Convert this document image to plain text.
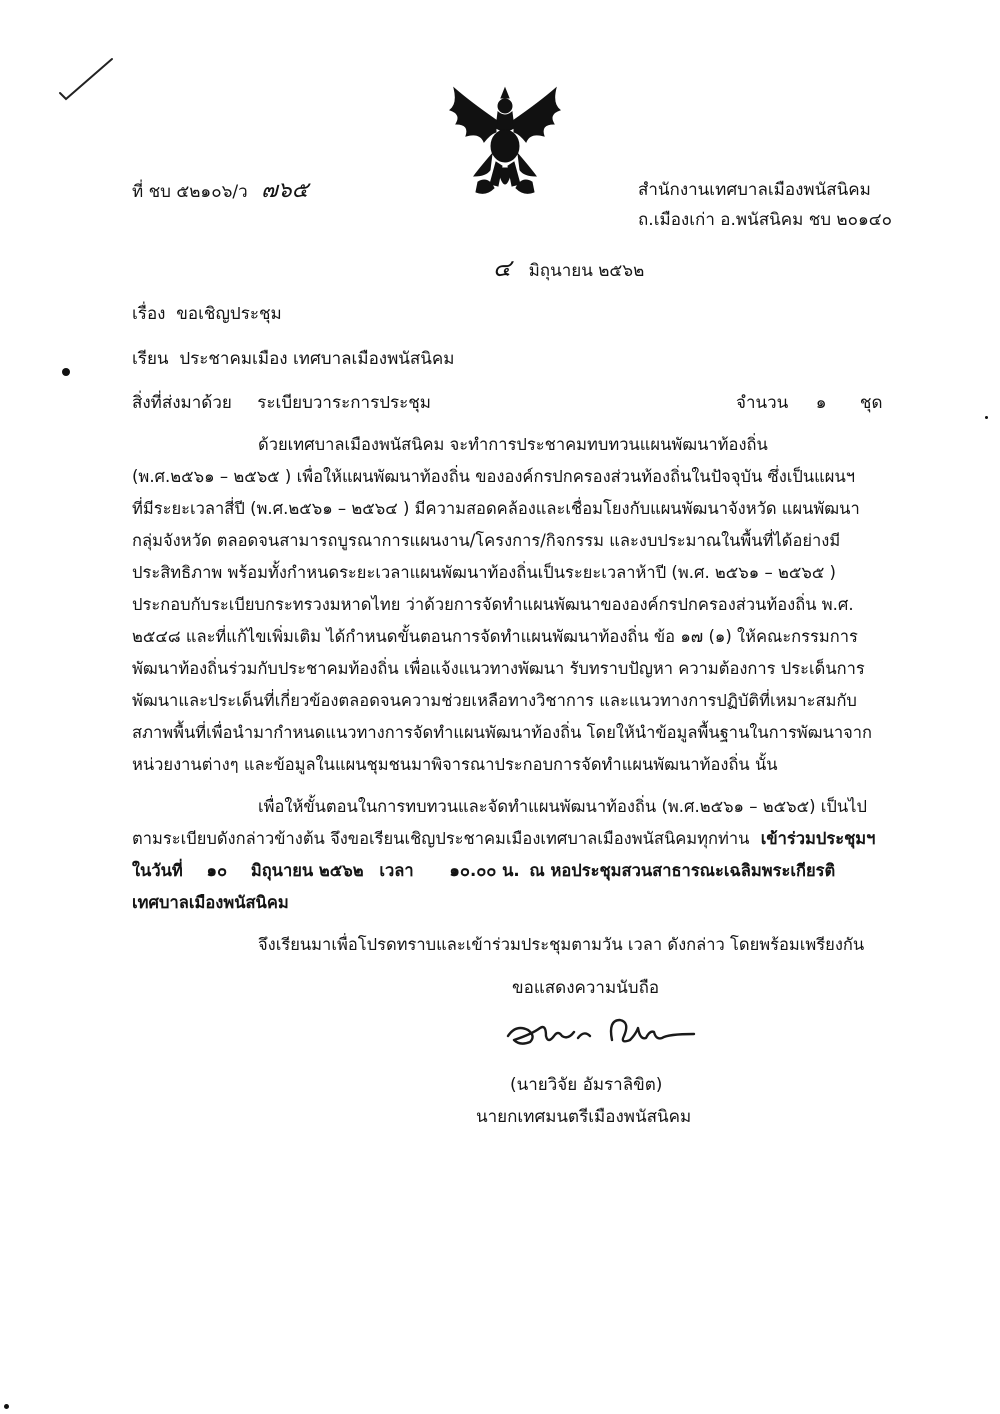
ที่ ชบ ๕๒๑๐๖/ว ๗๖๕	สำนักงานเทศบาลเมืองพนัสนิคม
ถ.เมืองเก่า อ.พนัสนิคม ชบ ๒๐๑๔๐
๔ มิถุนายน ๒๕๖๒
เรื่อง ขอเชิญประชุม
เรียน ประชาคมเมือง เทศบาลเมืองพนัสนิคม
สิ่งที่ส่งมาด้วย ระเบียบวาระการประชุม	จำนวน ๑ ชุด
ด้วยเทศบาลเมืองพนัสนิคม จะทำการประชาคมทบทวนแผนพัฒนาท้องถิ่น
(พ.ศ.๒๕๖๑ – ๒๕๖๕ ) เพื่อให้แผนพัฒนาท้องถิ่น ขององค์กรปกครองส่วนท้องถิ่นในปัจจุบัน ซึ่งเป็นแผนฯ
ที่มีระยะเวลาสี่ปี (พ.ศ.๒๕๖๑ – ๒๕๖๔ ) มีความสอดคล้องและเชื่อมโยงกับแผนพัฒนาจังหวัด แผนพัฒนา
กลุ่มจังหวัด ตลอดจนสามารถบูรณาการแผนงาน/โครงการ/กิจกรรม และงบประมาณในพื้นที่ได้อย่างมี
ประสิทธิภาพ พร้อมทั้งกำหนดระยะเวลาแผนพัฒนาท้องถิ่นเป็นระยะเวลาห้าปี (พ.ศ. ๒๕๖๑ – ๒๕๖๕ )
ประกอบกับระเบียบกระทรวงมหาดไทย ว่าด้วยการจัดทำแผนพัฒนาขององค์กรปกครองส่วนท้องถิ่น พ.ศ.
๒๕๔๘ และที่แก้ไขเพิ่มเติม ได้กำหนดขั้นตอนการจัดทำแผนพัฒนาท้องถิ่น ข้อ ๑๗ (๑) ให้คณะกรรมการ
พัฒนาท้องถิ่นร่วมกับประชาคมท้องถิ่น เพื่อแจ้งแนวทางพัฒนา รับทราบปัญหา ความต้องการ ประเด็นการ
พัฒนาและประเด็นที่เกี่ยวข้องตลอดจนความช่วยเหลือทางวิชาการ และแนวทางการปฏิบัติที่เหมาะสมกับ
สภาพพื้นที่เพื่อนำมากำหนดแนวทางการจัดทำแผนพัฒนาท้องถิ่น โดยให้นำข้อมูลพื้นฐานในการพัฒนาจาก
หน่วยงานต่างๆ และข้อมูลในแผนชุมชนมาพิจารณาประกอบการจัดทำแผนพัฒนาท้องถิ่น นั้น
เพื่อให้ขั้นตอนในการทบทวนและจัดทำแผนพัฒนาท้องถิ่น (พ.ศ.๒๕๖๑ – ๒๕๖๕) เป็นไป
ตามระเบียบดังกล่าวข้างต้น จึงขอเรียนเชิญประชาคมเมืองเทศบาลเมืองพนัสนิคมทุกท่าน เข้าร่วมประชุมฯ
ในวันที่ ๑๐ มิถุนายน ๒๕๖๒ เวลา ๑๐.๐๐ น. ณ หอประชุมสวนสาธารณะเฉลิมพระเกียรติ
เทศบาลเมืองพนัสนิคม
จึงเรียนมาเพื่อโปรดทราบและเข้าร่วมประชุมตามวัน เวลา ดังกล่าว โดยพร้อมเพรียงกัน
ขอแสดงความนับถือ
(นายวิจัย อัมราลิขิต)
นายกเทศมนตรีเมืองพนัสนิคม
